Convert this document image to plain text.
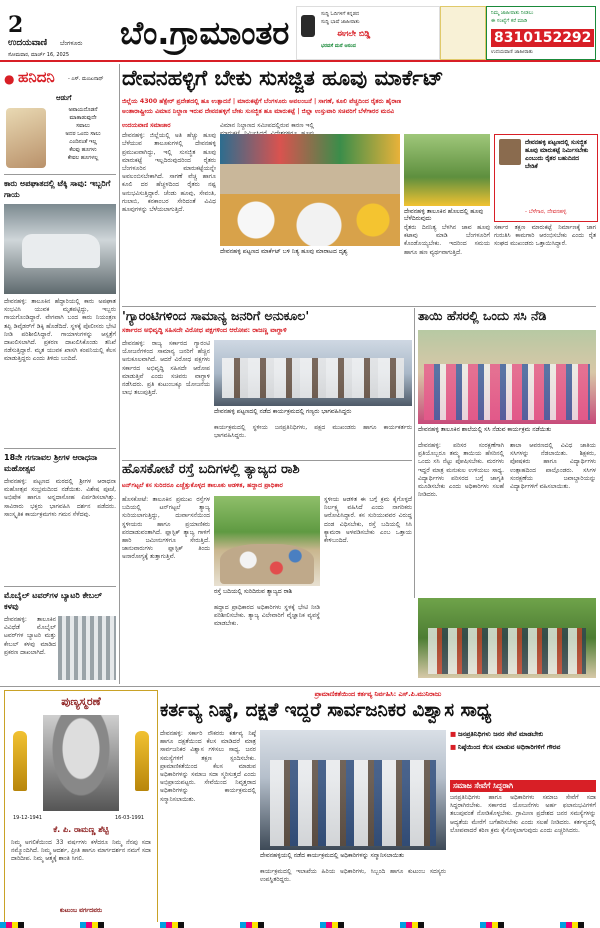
2
ಉದಯವಾಣಿ ಬೆಂಗಳೂರು
ಸೋಮವಾರ, ಮಾರ್ಚ್ 16, 2025
ಬೆಂ.ಗ್ರಾಮಾಂತರ	ಸುದ್ದಿ ಓದಿಗಳಿಗೆ ಕನ್ನಡದ
ಸುದ್ದಿ ಭಾಷೆ ಜಾಹೀರಾತು
ಈಗಲೇ ಬಿಡ್ಡಿ
ಭರವಸೆ ಮನೆ ಆನಂದ
ನಿಮ್ಮ ಜಾಹೀರಾತು ನೀಡಲು
ಈ ಸಂಖ್ಯೆಗೆ ಕರೆ ಮಾಡಿ
8310152292
ಉದಯವಾಣಿ ಜಾಹೀರಾತು
● ಹನಿದನಿ	- ಎಸ್. ಮಂಜುನಾಥ್
ಆಡುಗೆ
ಅಪಾಯದೊಡನೆ
ಮಾತಾಡುವುದೇ
ಸವಾಲು
ಅದರ ಒಂದು ಸಾಲು
ಎಂದಿನಂತೆ ಇಲ್ಲ
ಕೆಲವು ಹೂಗಳು
ಕೇವಲ ಹೂಗಳಲ್ಲ
ಕಾರು ಅಪಘಾತದಲ್ಲಿ ಟೆಕ್ಕಿ ಸಾವು: ಇಬ್ಬರಿಗೆ ಗಾಯ

ದೇವನಹಳ್ಳಿ: ತಾಲೂಕಿನ ಹೆದ್ದಾರಿಯಲ್ಲಿ ಕಾರು ಅಪಘಾತ ಸಂಭವಿಸಿ ಯುವಕ ಮೃತಪಟ್ಟಿದ್ದು, ಇಬ್ಬರು ಗಾಯಗೊಂಡಿದ್ದಾರೆ. ವೇಗವಾಗಿ ಬಂದ ಕಾರು ನಿಯಂತ್ರಣ ತಪ್ಪಿ ಡಿವೈಡರ್‌ಗೆ ಡಿಕ್ಕಿ ಹೊಡೆದಿದೆ. ಸ್ಥಳಕ್ಕೆ ಪೊಲೀಸರು ಭೇಟಿ ನೀಡಿ ಪರಿಶೀಲಿಸಿದ್ದಾರೆ. ಗಾಯಾಳುಗಳನ್ನು ಆಸ್ಪತ್ರೆಗೆ ದಾಖಲಿಸಲಾಗಿದೆ. ಪ್ರಕರಣ ದಾಖಲಿಸಿಕೊಂಡು ತನಿಖೆ ನಡೆಸುತ್ತಿದ್ದಾರೆ. ಮೃತ ಯುವಕ ಖಾಸಗಿ ಕಂಪನಿಯಲ್ಲಿ ಕೆಲಸ ಮಾಡುತ್ತಿದ್ದರು ಎಂದು ತಿಳಿದು ಬಂದಿದೆ.

18ನೇ ಗಗನಾವಲ ಶ್ರೀಗಳ ಆರಾಧನಾ ಮಹೋತ್ಸವ

ದೇವನಹಳ್ಳಿ: ಪಟ್ಟಣದ ಮಠದಲ್ಲಿ ಶ್ರೀಗಳ ಆರಾಧನಾ ಮಹೋತ್ಸವ ಸಂಭ್ರಮದಿಂದ ನಡೆಯಿತು. ವಿಶೇಷ ಪೂಜೆ, ಅಭಿಷೇಕ ಹಾಗೂ ಅನ್ನದಾಸೋಹ ಏರ್ಪಡಿಸಲಾಗಿತ್ತು. ಸಾವಿರಾರು ಭಕ್ತರು ಭಾಗವಹಿಸಿ ದರ್ಶನ ಪಡೆದರು. ಸಾಂಸ್ಕೃತಿಕ ಕಾರ್ಯಕ್ರಮಗಳು ಗಮನ ಸೆಳೆದವು.

ಮೊಬೈಲ್ ಟವರ್‌ಗಳ ಬ್ಯಾಟರಿ ಕೇಬಲ್ ಕಳವು

ದೇವನಹಳ್ಳಿ: ತಾಲೂಕಿನ ವಿವಿಧೆಡೆ ಮೊಬೈಲ್ ಟವರ್‌ಗಳ ಬ್ಯಾಟರಿ ಮತ್ತು ಕೇಬಲ್ ಕಳವು ಮಾಡಿದ ಪ್ರಕರಣ ದಾಖಲಾಗಿದೆ.

ದೇವನಹಳ್ಳಿಗೆ ಬೇಕು ಸುಸಜ್ಜಿತ ಹೂವು ಮಾರ್ಕೆಟ್
ಜಿಲ್ಲೆಯ 4300 ಹೆಕ್ಟೇರ್ ಪ್ರದೇಶದಲ್ಲಿ ಹೂ ಉತ್ಪಾದನೆ | ಮಾರುಕಟ್ಟೆಗೆ ಬೆಂಗಳೂರು ಅವಲಂಬನೆ | ಸಾಗಣೆ, ಕೂಲಿ ವೆಚ್ಚದಿಂದ ರೈತರು ಹೈರಾಣ
ಅಂತಾರಾಷ್ಟ್ರೀಯ ವಿಮಾನ ನಿಲ್ದಾಣ ಇರುವ ದೇವನಹಳ್ಳಿಗೆ ಬೇಕು ಸುಸಜ್ಜಿತ ಹೂ ಮಾರುಕಟ್ಟೆ | ಜಿಲ್ಲಾ ಉಸ್ತುವಾರಿ ಸಚಿವರಿಗೆ ಬೆಳೆಗಾರರ ಮನವಿ

ಉದಯವಾಣಿ ಸಮಾಚಾರ

ದೇವನಹಳ್ಳಿ: ಜಿಲ್ಲೆಯಲ್ಲಿ ಅತಿ ಹೆಚ್ಚು ಹೂವು ಬೆಳೆಯುವ ತಾಲೂಕುಗಳಲ್ಲಿ ದೇವನಹಳ್ಳಿ ಪ್ರಮುಖವಾಗಿದ್ದು, ಇಲ್ಲಿ ಸುಸಜ್ಜಿತ ಹೂವು ಮಾರುಕಟ್ಟೆ ಇಲ್ಲದಿರುವುದರಿಂದ ರೈತರು ಬೆಂಗಳೂರಿನ ಮಾರುಕಟ್ಟೆಯನ್ನೇ ಅವಲಂಬಿಸಬೇಕಾಗಿದೆ. ಸಾಗಣೆ ವೆಚ್ಚ ಹಾಗೂ ಕೂಲಿ ದರ ಹೆಚ್ಚಳದಿಂದ ರೈತರು ನಷ್ಟ ಅನುಭವಿಸುತ್ತಿದ್ದಾರೆ. ಚೆಂಡು ಹೂವು, ಸೇವಂತಿ, ಗುಲಾಬಿ, ಕನಕಾಂಬರ ಸೇರಿದಂತೆ ವಿವಿಧ ಹೂವುಗಳನ್ನು ಬೆಳೆಯಲಾಗುತ್ತಿದೆ.

ವಿಮಾನ ನಿಲ್ದಾಣದ ಸಮೀಪದಲ್ಲಿರುವ ಕಾರಣ ಇಲ್ಲಿ

ದೇವನಹಳ್ಳಿ ಪಟ್ಟಣದ ಮಾರ್ಕೆಟ್ ಬಳಿ ನಿತ್ಯ ಹೂವು ಮಾರಾಟದ ದೃಶ್ಯ
ದೇವನಹಳ್ಳಿ ತಾಲೂಕಿನ ಹೊಲದಲ್ಲಿ ಹೂವು ಬೆಳೆದಿರುವುದು
ದೇವನಹಳ್ಳಿ ಪಟ್ಟಣದಲ್ಲಿ ಸುಸಜ್ಜಿತ ಹೂವು ಮಾರುಕಟ್ಟೆ ನಿರ್ಮಿಸಬೇಕು ಎಂಬುದು ರೈತರ ಬಹುದಿನದ ಬೇಡಿಕೆ
- ಬೆಳೆಗಾರ, ದೇವನಹಳ್ಳಿ

ರೈತರು ದಿನನಿತ್ಯ ಬೆಳಗಿನ ಜಾವ ಹೂವು ಕಟಾವು ಮಾಡಿ ಬೆಂಗಳೂರಿಗೆ ಕೊಂಡೊಯ್ಯಬೇಕು. ಇದರಿಂದ ಸಮಯ ಹಾಗೂ ಹಣ ವ್ಯರ್ಥವಾಗುತ್ತಿದೆ.

ಸರ್ಕಾರ ತಕ್ಷಣ ಮಾರುಕಟ್ಟೆ ನಿರ್ಮಾಣಕ್ಕೆ ಜಾಗ ಗುರುತಿಸಿ ಕಾಮಗಾರಿ ಆರಂಭಿಸಬೇಕು ಎಂದು ರೈತ ಸಂಘದ ಮುಖಂಡರು ಒತ್ತಾಯಿಸಿದ್ದಾರೆ.

'ಗ್ಯಾರಂಟಿಗಳಿಂದ ಸಾಮಾನ್ಯ ಜನರಿಗೆ ಅನುಕೂಲ'
ಸರ್ಕಾರದ ಅಭಿವೃದ್ಧಿ ಸಹಿಸದೇ ವಿರೋಧ ಪಕ್ಷಗಳಿಂದ ಆರೋಪ: ರಾಜಣ್ಣ ವಾಗ್ದಾಳಿ

ದೇವನಹಳ್ಳಿ: ರಾಜ್ಯ ಸರ್ಕಾರದ ಗ್ಯಾರಂಟಿ ಯೋಜನೆಗಳಿಂದ ಸಾಮಾನ್ಯ ಜನರಿಗೆ ಹೆಚ್ಚಿನ ಅನುಕೂಲವಾಗಿದೆ. ಆದರೆ ವಿರೋಧ ಪಕ್ಷಗಳು ಸರ್ಕಾರದ ಅಭಿವೃದ್ಧಿ ಸಹಿಸದೇ ಆರೋಪ ಮಾಡುತ್ತಿವೆ ಎಂದು ಸಚಿವರು ವಾಗ್ದಾಳಿ ನಡೆಸಿದರು. ಪ್ರತಿ ಕುಟುಂಬಕ್ಕೂ ಯೋಜನೆಯ ಲಾಭ ತಲುಪುತ್ತಿದೆ.

ದೇವನಹಳ್ಳಿ ಪಟ್ಟಣದಲ್ಲಿ ನಡೆದ ಕಾರ್ಯಕ್ರಮದಲ್ಲಿ ಗಣ್ಯರು ಭಾಗವಹಿಸಿದ್ದರು

ಕಾರ್ಯಕ್ರಮದಲ್ಲಿ ಸ್ಥಳೀಯ ಜನಪ್ರತಿನಿಧಿಗಳು, ಪಕ್ಷದ ಮುಖಂಡರು ಹಾಗೂ ಕಾರ್ಯಕರ್ತರು ಭಾಗವಹಿಸಿದ್ದರು.

ತಾಯಿ ಹೆಸರಲ್ಲಿ ಒಂದು ಸಸಿ ನೆಡಿ
ದೇವನಹಳ್ಳಿ ತಾಲೂಕಿನ ಶಾಲೆಯಲ್ಲಿ ಸಸಿ ನೆಡುವ ಕಾರ್ಯಕ್ರಮ ನಡೆಯಿತು

ದೇವನಹಳ್ಳಿ: ಪರಿಸರ ಸಂರಕ್ಷಣೆಗಾಗಿ ಪ್ರತಿಯೊಬ್ಬರೂ ತಮ್ಮ ತಾಯಿಯ ಹೆಸರಿನಲ್ಲಿ ಒಂದು ಸಸಿ ನೆಟ್ಟು ಪೋಷಿಸಬೇಕು. ಮರಗಳು ಇದ್ದರೆ ಮಾತ್ರ ಮನುಕುಲ ಉಳಿಯಲು ಸಾಧ್ಯ. ವಿದ್ಯಾರ್ಥಿಗಳು ಪರಿಸರದ ಬಗ್ಗೆ ಜಾಗೃತಿ ಮೂಡಿಸಬೇಕು ಎಂದು ಅಧಿಕಾರಿಗಳು ಸಲಹೆ ನೀಡಿದರು.

ಶಾಲಾ ಆವರಣದಲ್ಲಿ ವಿವಿಧ ಜಾತಿಯ ಸಸಿಗಳನ್ನು ನೆಡಲಾಯಿತು. ಶಿಕ್ಷಕರು, ಪೋಷಕರು ಹಾಗೂ ವಿದ್ಯಾರ್ಥಿಗಳು ಉತ್ಸಾಹದಿಂದ ಪಾಲ್ಗೊಂಡರು. ಸಸಿಗಳ ಸಂರಕ್ಷಣೆಯ ಜವಾಬ್ದಾರಿಯನ್ನು ವಿದ್ಯಾರ್ಥಿಗಳಿಗೆ ವಹಿಸಲಾಯಿತು.

ಹೊಸಕೋಟೆ ರಸ್ತೆ ಬದಿಗಳಲ್ಲಿ ತ್ಯಾಜ್ಯದ ರಾಶಿ
ಟನ್‌ಗಟ್ಟಲೆ ಕಸ ಸುರಿದರೂ ಎಚ್ಚೆತ್ತುಕೊಳ್ಳದ ತಾಲೂಕು ಆಡಳಿತ, ಹದ್ದಾದ ಪ್ರಾಧಿಕಾರ

ಹೊಸಕೋಟೆ: ತಾಲೂಕಿನ ಪ್ರಮುಖ ರಸ್ತೆಗಳ ಬದಿಯಲ್ಲಿ ಟನ್‌ಗಟ್ಟಲೆ ತ್ಯಾಜ್ಯ ಸುರಿಯಲಾಗುತ್ತಿದ್ದು, ದುರ್ವಾಸನೆಯಿಂದ ಸ್ಥಳೀಯರು ಹಾಗೂ ಪ್ರಯಾಣಿಕರು ಪರದಾಡುವಂತಾಗಿದೆ. ಪ್ಲಾಸ್ಟಿಕ್ ತ್ಯಾಜ್ಯ ಗಾಳಿಗೆ ಹಾರಿ ಜಮೀನುಗಳಿಗೂ ಸೇರುತ್ತಿದೆ. ಜಾನುವಾರುಗಳು ಪ್ಲಾಸ್ಟಿಕ್ ತಿಂದು ಅನಾರೋಗ್ಯಕ್ಕೆ ತುತ್ತಾಗುತ್ತಿವೆ.

ರಸ್ತೆ ಬದಿಯಲ್ಲಿ ಸುರಿದಿರುವ ತ್ಯಾಜ್ಯದ ರಾಶಿ

ಸ್ಥಳೀಯ ಆಡಳಿತ ಈ ಬಗ್ಗೆ ಕ್ರಮ ಕೈಗೊಳ್ಳದೆ ನಿರ್ಲಕ್ಷ್ಯ ವಹಿಸಿದೆ ಎಂದು ನಾಗರಿಕರು ಆರೋಪಿಸಿದ್ದಾರೆ. ಕಸ ಸುರಿಯುವವರ ವಿರುದ್ಧ ದಂಡ ವಿಧಿಸಬೇಕು, ರಸ್ತೆ ಬದಿಯಲ್ಲಿ ಸಿಸಿ ಕ್ಯಾಮರಾ ಅಳವಡಿಸಬೇಕು ಎಂಬ ಒತ್ತಾಯ ಕೇಳಿಬಂದಿದೆ.

ಹದ್ದಾದ ಪ್ರಾಧಿಕಾರದ ಅಧಿಕಾರಿಗಳು ಸ್ಥಳಕ್ಕೆ ಭೇಟಿ ನೀಡಿ ಪರಿಶೀಲಿಸಬೇಕು. ತ್ಯಾಜ್ಯ ವಿಲೇವಾರಿಗೆ ವೈಜ್ಞಾನಿಕ ವ್ಯವಸ್ಥೆ ಮಾಡಬೇಕು.

ಪುಣ್ಯಸ್ಮರಣೆ
19-12-1941	16-03-1991
ಕೆ. ಪಿ. ರಾಮಣ್ಣ ಶೆಟ್ಟಿ

ನಿಮ್ಮ ಅಗಲಿಕೆಯಿಂದ 33 ವರ್ಷಗಳು ಕಳೆದರೂ ನಿಮ್ಮ ನೆನಪು ಸದಾ ನಮ್ಮೊಂದಿಗಿದೆ. ನಿಮ್ಮ ಆದರ್ಶ, ಪ್ರೀತಿ ಹಾಗೂ ಮಾರ್ಗದರ್ಶನ ನಮಗೆ ಸದಾ ದಾರಿದೀಪ. ನಿಮ್ಮ ಆತ್ಮಕ್ಕೆ ಶಾಂತಿ ಸಿಗಲಿ.

ಕುಟುಂಬ ವರ್ಗದವರು
ಪ್ರಾಮಾಣಿಕತೆಯಿಂದ ಕರ್ತವ್ಯ ನಿರ್ವಹಿಸಿ: ಎಸ್.ಪಿ.ಮುನಿರಾಜು
ಕರ್ತವ್ಯ ನಿಷ್ಠೆ, ದಕ್ಷತೆ ಇದ್ದರೆ ಸಾರ್ವಜನಿಕರ ವಿಶ್ವಾಸ ಸಾಧ್ಯ

ದೇವನಹಳ್ಳಿ: ಸರ್ಕಾರಿ ನೌಕರರು ಕರ್ತವ್ಯ ನಿಷ್ಠೆ ಹಾಗೂ ದಕ್ಷತೆಯಿಂದ ಕೆಲಸ ಮಾಡಿದರೆ ಮಾತ್ರ ಸಾರ್ವಜನಿಕರ ವಿಶ್ವಾಸ ಗಳಿಸಲು ಸಾಧ್ಯ. ಜನರ ಸಮಸ್ಯೆಗಳಿಗೆ ತಕ್ಷಣ ಸ್ಪಂದಿಸಬೇಕು. ಪ್ರಾಮಾಣಿಕತೆಯಿಂದ ಕೆಲಸ ಮಾಡುವ ಅಧಿಕಾರಿಗಳನ್ನು ಸಮಾಜ ಸದಾ ಸ್ಮರಿಸುತ್ತದೆ ಎಂದು ಅಭಿಪ್ರಾಯಪಟ್ಟರು. ಸೇವೆಯಿಂದ ನಿವೃತ್ತರಾದ ಅಧಿಕಾರಿಗಳನ್ನು ಕಾರ್ಯಕ್ರಮದಲ್ಲಿ ಸನ್ಮಾನಿಸಲಾಯಿತು.

ದೇವನಹಳ್ಳಿಯಲ್ಲಿ ನಡೆದ ಕಾರ್ಯಕ್ರಮದಲ್ಲಿ ಅಧಿಕಾರಿಗಳನ್ನು ಸನ್ಮಾನಿಸಲಾಯಿತು

ಕಾರ್ಯಕ್ರಮದಲ್ಲಿ ಇಲಾಖೆಯ ಹಿರಿಯ ಅಧಿಕಾರಿಗಳು, ಸಿಬ್ಬಂದಿ ಹಾಗೂ ಕುಟುಂಬ ಸದಸ್ಯರು ಉಪಸ್ಥಿತರಿದ್ದರು.

■ ಜನಪ್ರತಿನಿಧಿಗಳು ಜನರ ಸೇವೆ ಮಾಡಬೇಕು
■ ನಿಷ್ಠೆಯಿಂದ ಕೆಲಸ ಮಾಡುವ ಅಧಿಕಾರಿಗಳಿಗೆ ಗೌರವ
ಸಮಾಜ ಸೇವೆಗೆ ಸಿದ್ಧರಾಗಿ

ಜನಪ್ರತಿನಿಧಿಗಳು ಹಾಗೂ ಅಧಿಕಾರಿಗಳು ಸಮಾಜ ಸೇವೆಗೆ ಸದಾ ಸಿದ್ಧರಾಗಿರಬೇಕು. ಸರ್ಕಾರದ ಯೋಜನೆಗಳು ಅರ್ಹ ಫಲಾನುಭವಿಗಳಿಗೆ ತಲುಪುವಂತೆ ನೋಡಿಕೊಳ್ಳಬೇಕು. ಗ್ರಾಮೀಣ ಪ್ರದೇಶದ ಜನರ ಸಮಸ್ಯೆಗಳನ್ನು ಆದ್ಯತೆಯ ಮೇರೆಗೆ ಬಗೆಹರಿಸಬೇಕು ಎಂದು ಸಲಹೆ ನೀಡಿದರು. ಕರ್ತವ್ಯದಲ್ಲಿ ಲೋಪವಾದರೆ ಕಠಿಣ ಕ್ರಮ ಕೈಗೊಳ್ಳಲಾಗುವುದು ಎಂದು ಎಚ್ಚರಿಸಿದರು.
